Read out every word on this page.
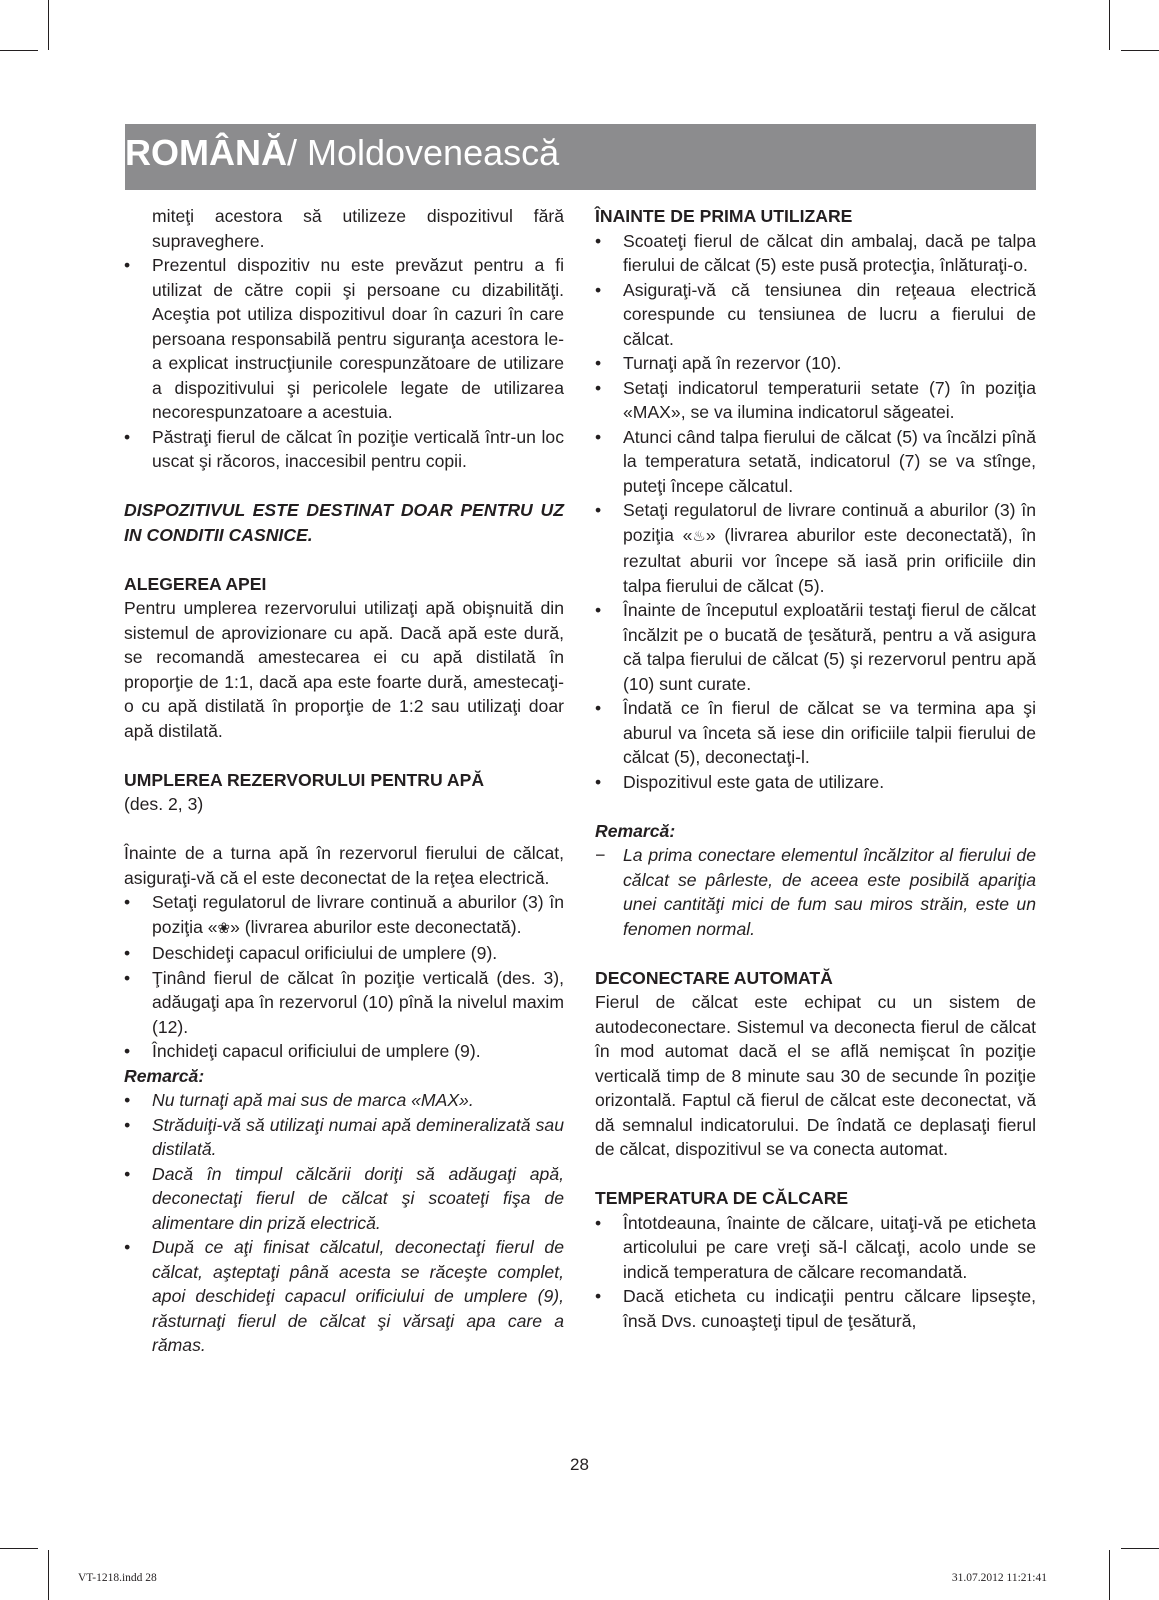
ROMÂNĂ/ Moldovenească

miteţi acestora să utilizeze dispozitivul fără supraveghere.

• Prezentul dispozitiv nu este prevăzut pentru a fi utilizat de către copii şi persoane cu dizabilităţi. Aceştia pot utiliza dispozitivul doar în cazuri în care persoana responsabilă pentru siguranţa acestora le-a explicat instrucţiunile corespunzătoare de utilizare a dispozitivului şi pericolele legate de utilizarea necorespunzatoare a acestuia.
• Păstraţi fierul de călcat în poziţie verticală într-un loc uscat şi răcoros, inaccesibil pentru copii.

DISPOZITIVUL ESTE DESTINAT DOAR PENTRU UZ IN CONDITII CASNICE.

ALEGEREA APEI

Pentru umplerea rezervorului utilizaţi apă obişnuită din sistemul de aprovizionare cu apă. Dacă apă este dură, se recomandă amestecarea ei cu apă distilată în proporţie de 1:1, dacă apa este foarte dură, amestecaţi-o cu apă distilată în proporţie de 1:2 sau utilizaţi doar apă distilată.

UMPLEREA REZERVORULUI PENTRU APĂ

(des. 2, 3)

Înainte de a turna apă în rezervorul fierului de călcat, asiguraţi-vă că el este deconectat de la reţea electrică.

• Setaţi regulatorul de livrare continuă a aburilor (3) în poziţia «❀» (livrarea aburilor este deconectată).
• Deschideţi capacul orificiului de umplere (9).
• Ţinând fierul de călcat în poziţie verticală (des. 3), adăugaţi apa în rezervorul (10) pînă la nivelul maxim (12).
• Închideţi capacul orificiului de umplere (9).

Remarcă:

• Nu turnaţi apă mai sus de marca «MAX».
• Străduiţi-vă să utilizaţi numai apă demineralizată sau distilată.
• Dacă în timpul călcării doriţi să adăugaţi apă, deconectaţi fierul de călcat şi scoateţi fişa de alimentare din priză electrică.
• După ce aţi finisat călcatul, deconectaţi fierul de călcat, aşteptaţi până acesta se răceşte complet, apoi deschideţi capacul orificiului de umplere (9), răsturnaţi fierul de călcat şi vărsaţi apa care a rămas.

ÎNAINTE DE PRIMA UTILIZARE

• Scoateţi fierul de călcat din ambalaj, dacă pe talpa fierului de călcat (5) este pusă protecţia, înlăturaţi-o.
• Asiguraţi-vă că tensiunea din reţeaua electrică corespunde cu tensiunea de lucru a fierului de călcat.
• Turnaţi apă în rezervor (10).
• Setaţi indicatorul temperaturii setate (7) în poziţia «MAX», se va ilumina indicatorul săgeatei.
• Atunci când talpa fierului de călcat (5) va încălzi pînă la temperatura setată, indicatorul (7) se va stînge, puteţi începe călcatul.
• Setaţi regulatorul de livrare continuă a aburilor (3) în poziţia «♨» (livrarea aburilor este deconectată), în rezultat aburii vor începe să iasă prin orificiile din talpa fierului de călcat (5).
• Înainte de începutul exploatării testaţi fierul de călcat încălzit pe o bucată de ţesătură, pentru a vă asigura că talpa fierului de călcat (5) şi rezervorul pentru apă (10) sunt curate.
• Îndată ce în fierul de călcat se va termina apa şi aburul va înceta să iese din orificiile talpii fierului de călcat (5), deconectaţi-l.
• Dispozitivul este gata de utilizare.

Remarcă:

− La prima conectare elementul încălzitor al fierului de călcat se pârleste, de aceea este posibilă apariţia unei cantităţi mici de fum sau miros străin, este un fenomen normal.

DECONECTARE AUTOMATĂ

Fierul de călcat este echipat cu un sistem de autodeconectare. Sistemul va deconecta fierul de călcat în mod automat dacă el se află nemişcat în poziţie verticală timp de 8 minute sau 30 de secunde în poziţie orizontală. Faptul că fierul de călcat este deconectat, vă dă semnalul indicatorului. De îndată ce deplasaţi fierul de călcat, dispozitivul se va conecta automat.

TEMPERATURA DE CĂLCARE

• Întotdeauna, înainte de călcare, uitaţi-vă pe eticheta articolului pe care vreţi să-l călcaţi, acolo unde se indică temperatura de călcare recomandată.
• Dacă eticheta cu indicaţii pentru călcare lipseşte, însă Dvs. cunoaşteţi tipul de ţesătură,
28
VT-1218.indd 28	31.07.2012 11:21:41
